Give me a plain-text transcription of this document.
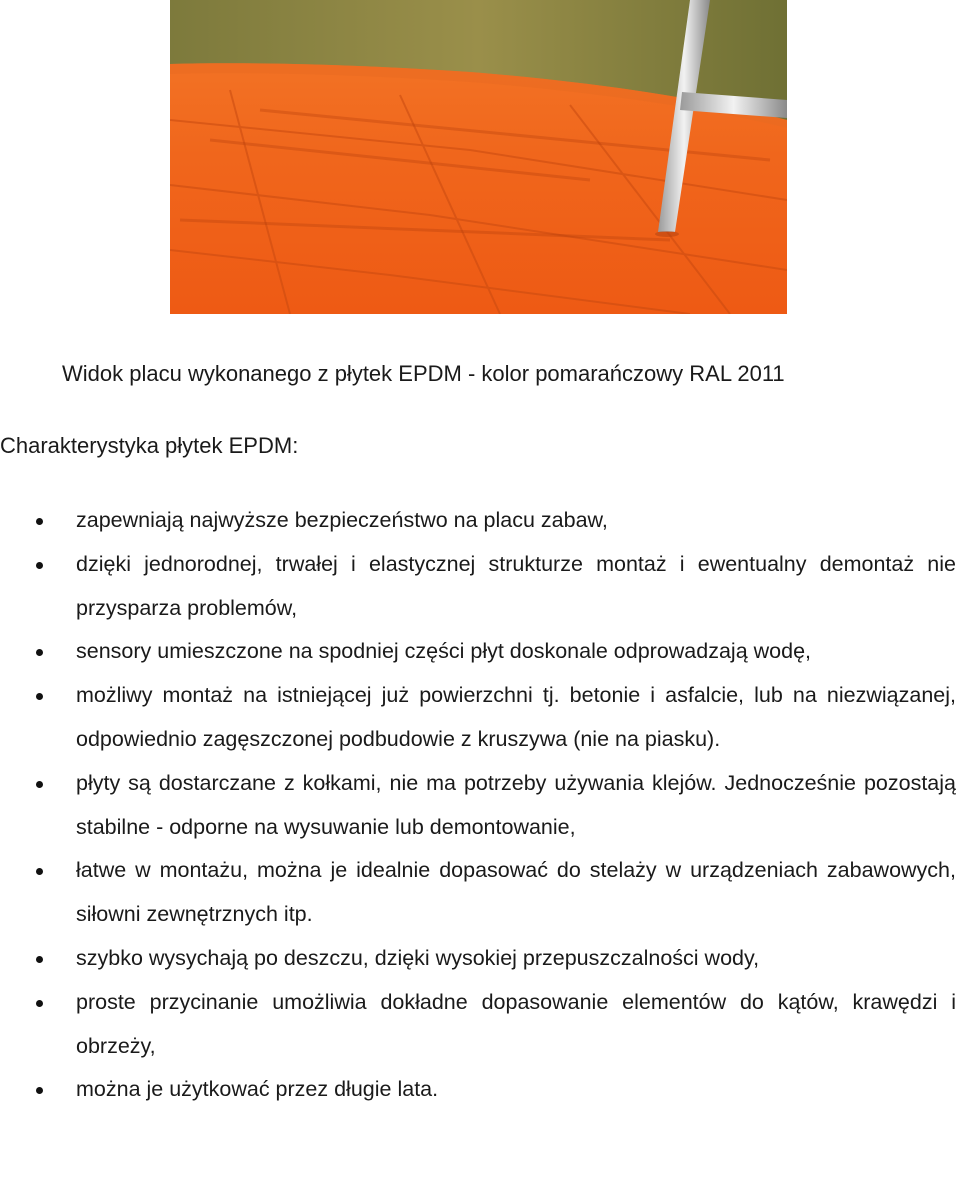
Widok placu wykonanego z płytek EPDM - kolor pomarańczowy RAL 2011

Charakterystyka płytek EPDM:
zapewniają najwyższe bezpieczeństwo na placu zabaw,
dzięki jednorodnej, trwałej i elastycznej strukturze montaż i ewentualny demontaż nie przysparza problemów,
sensory umieszczone na spodniej części płyt doskonale odprowadzają wodę,
możliwy montaż na istniejącej już powierzchni tj. betonie i asfalcie, lub na niezwiązanej, odpowiednio zagęszczonej podbudowie z kruszywa (nie na piasku).
płyty są dostarczane z kołkami, nie ma potrzeby używania klejów. Jednocześnie pozostają stabilne - odporne na wysuwanie lub demontowanie,
łatwe w montażu, można je idealnie dopasować do stelaży w urządzeniach zabawowych, siłowni zewnętrznych itp.
szybko wysychają po deszczu, dzięki wysokiej przepuszczalności wody,
proste przycinanie umożliwia dokładne dopasowanie elementów do kątów, krawędzi i obrzeży,
można je użytkować przez długie lata.
